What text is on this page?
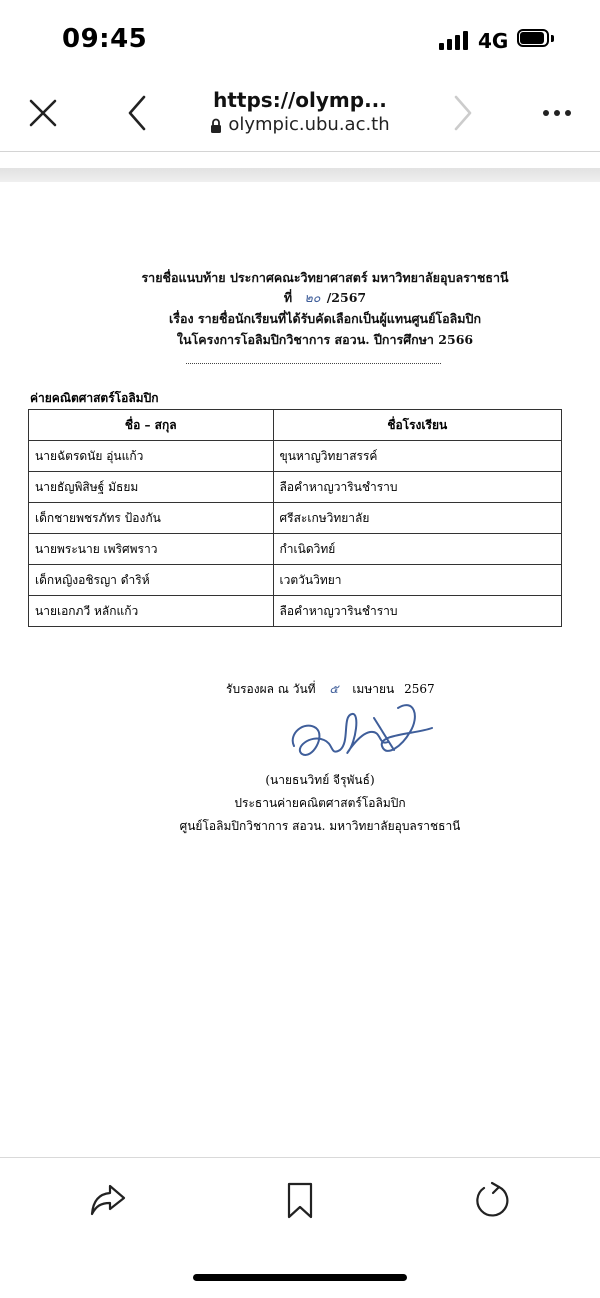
09:45	4G
https://olymp...
olympic.ubu.ac.th
รายชื่อแนบท้าย ประกาศคณะวิทยาศาสตร์ มหาวิทยาลัยอุบลราชธานี
ที่ ๒๐ /2567
เรื่อง รายชื่อนักเรียนที่ได้รับคัดเลือกเป็นผู้แทนศูนย์โอลิมปิก
ในโครงการโอลิมปิกวิชาการ สอวน. ปีการศึกษา 2566
ค่ายคณิตศาสตร์โอลิมปิก
ชื่อ – สกุล	ชื่อโรงเรียน
นายฉัตรดนัย อุ่นแก้ว	ขุนหาญวิทยาสรรค์
นายธัญพิสิษฐ์ มัธยม	ลือคำหาญวารินชำราบ
เด็กชายพชรภัทร ป้องกัน	ศรีสะเกษวิทยาลัย
นายพระนาย เพริศพราว	กำเนิดวิทย์
เด็กหญิงอชิรญา ดำริห์	เวตวันวิทยา
นายเอกภวี หลักแก้ว	ลือคำหาญวารินชำราบ
รับรองผล ณ วันที่ ๕ เมษายน 2567
(นายธนวิทย์ จีรุพันธ์)
ประธานค่ายคณิตศาสตร์โอลิมปิก
ศูนย์โอลิมปิกวิชาการ สอวน. มหาวิทยาลัยอุบลราชธานี
